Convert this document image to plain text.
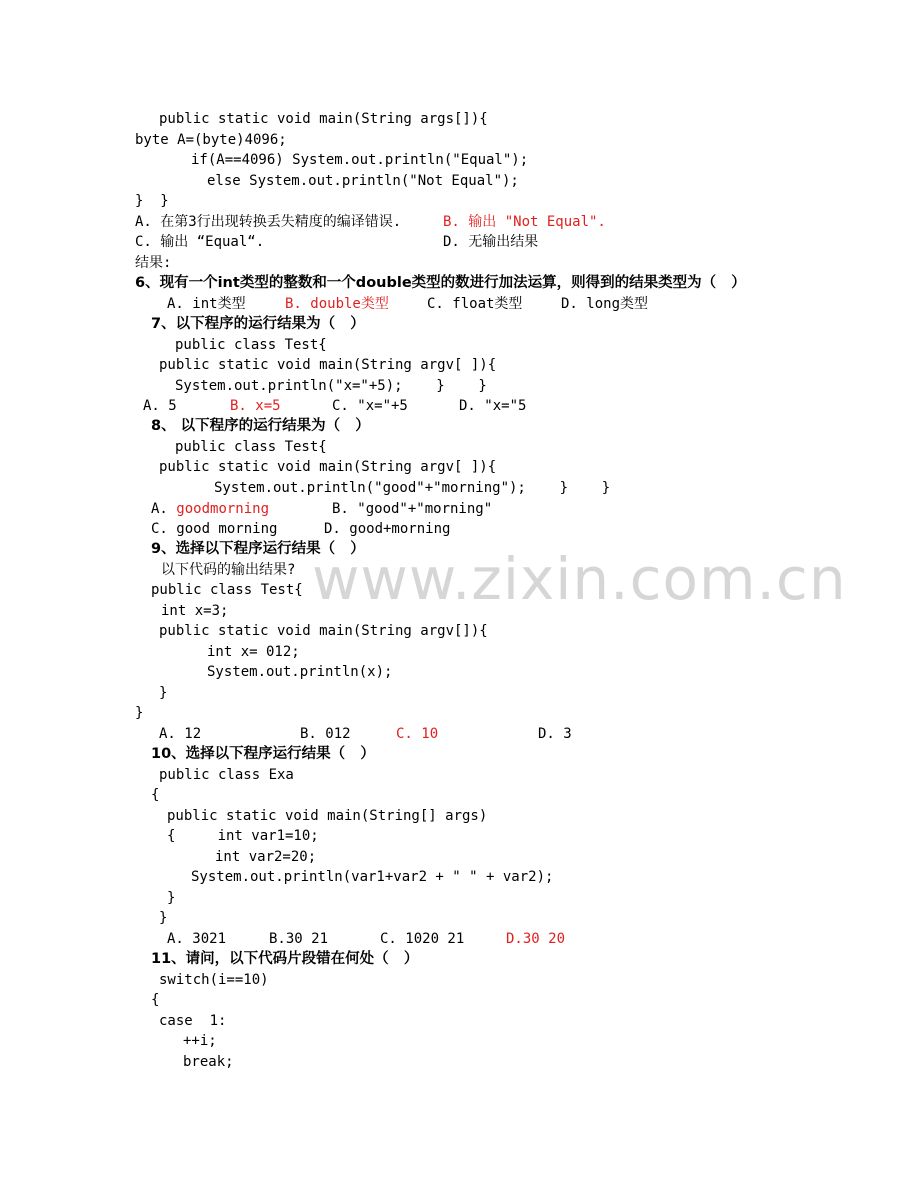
www.zixin.com.cn
public static void main(String args[]){
byte A=(byte)4096;
if(A==4096) System.out.println("Equal");
else System.out.println("Not Equal");
}  }
A. 在第3行出现转换丢失精度的编译错误.	B. 输出 "Not Equal".
C. 输出 “Equal“.	D. 无输出结果
结果:
6、现有一个int类型的整数和一个double类型的数进行加法运算，则得到的结果类型为（   ）
A. int类型	B. double类型	C. float类型	D. long类型
7、以下程序的运行结果为（   ）
public class Test{
public static void main(String argv[ ]){
System.out.println("x="+5);    }    }
A. 5	B. x=5	C. "x="+5	D. "x="5
8、 以下程序的运行结果为（   ）
public class Test{
public static void main(String argv[ ]){
System.out.println("good"+"morning");    }    }
A. goodmorning	B. "good"+"morning"
C. good morning	D. good+morning
9、选择以下程序运行结果（   ）
以下代码的输出结果?
public class Test{
int x=3;
public static void main(String argv[]){
int x= 012;
System.out.println(x);
}
}
A. 12	B. 012	C. 10	D. 3
10、选择以下程序运行结果（   ）
public class Exa
{
public static void main(String[] args)
{     int var1=10;
int var2=20;
System.out.println(var1+var2 + " " + var2);
}
}
A. 3021	B.30 21	C. 1020 21	D.30 20
11、请问，以下代码片段错在何处（   ）
switch(i==10)
{
case  1:
++i;
break;
